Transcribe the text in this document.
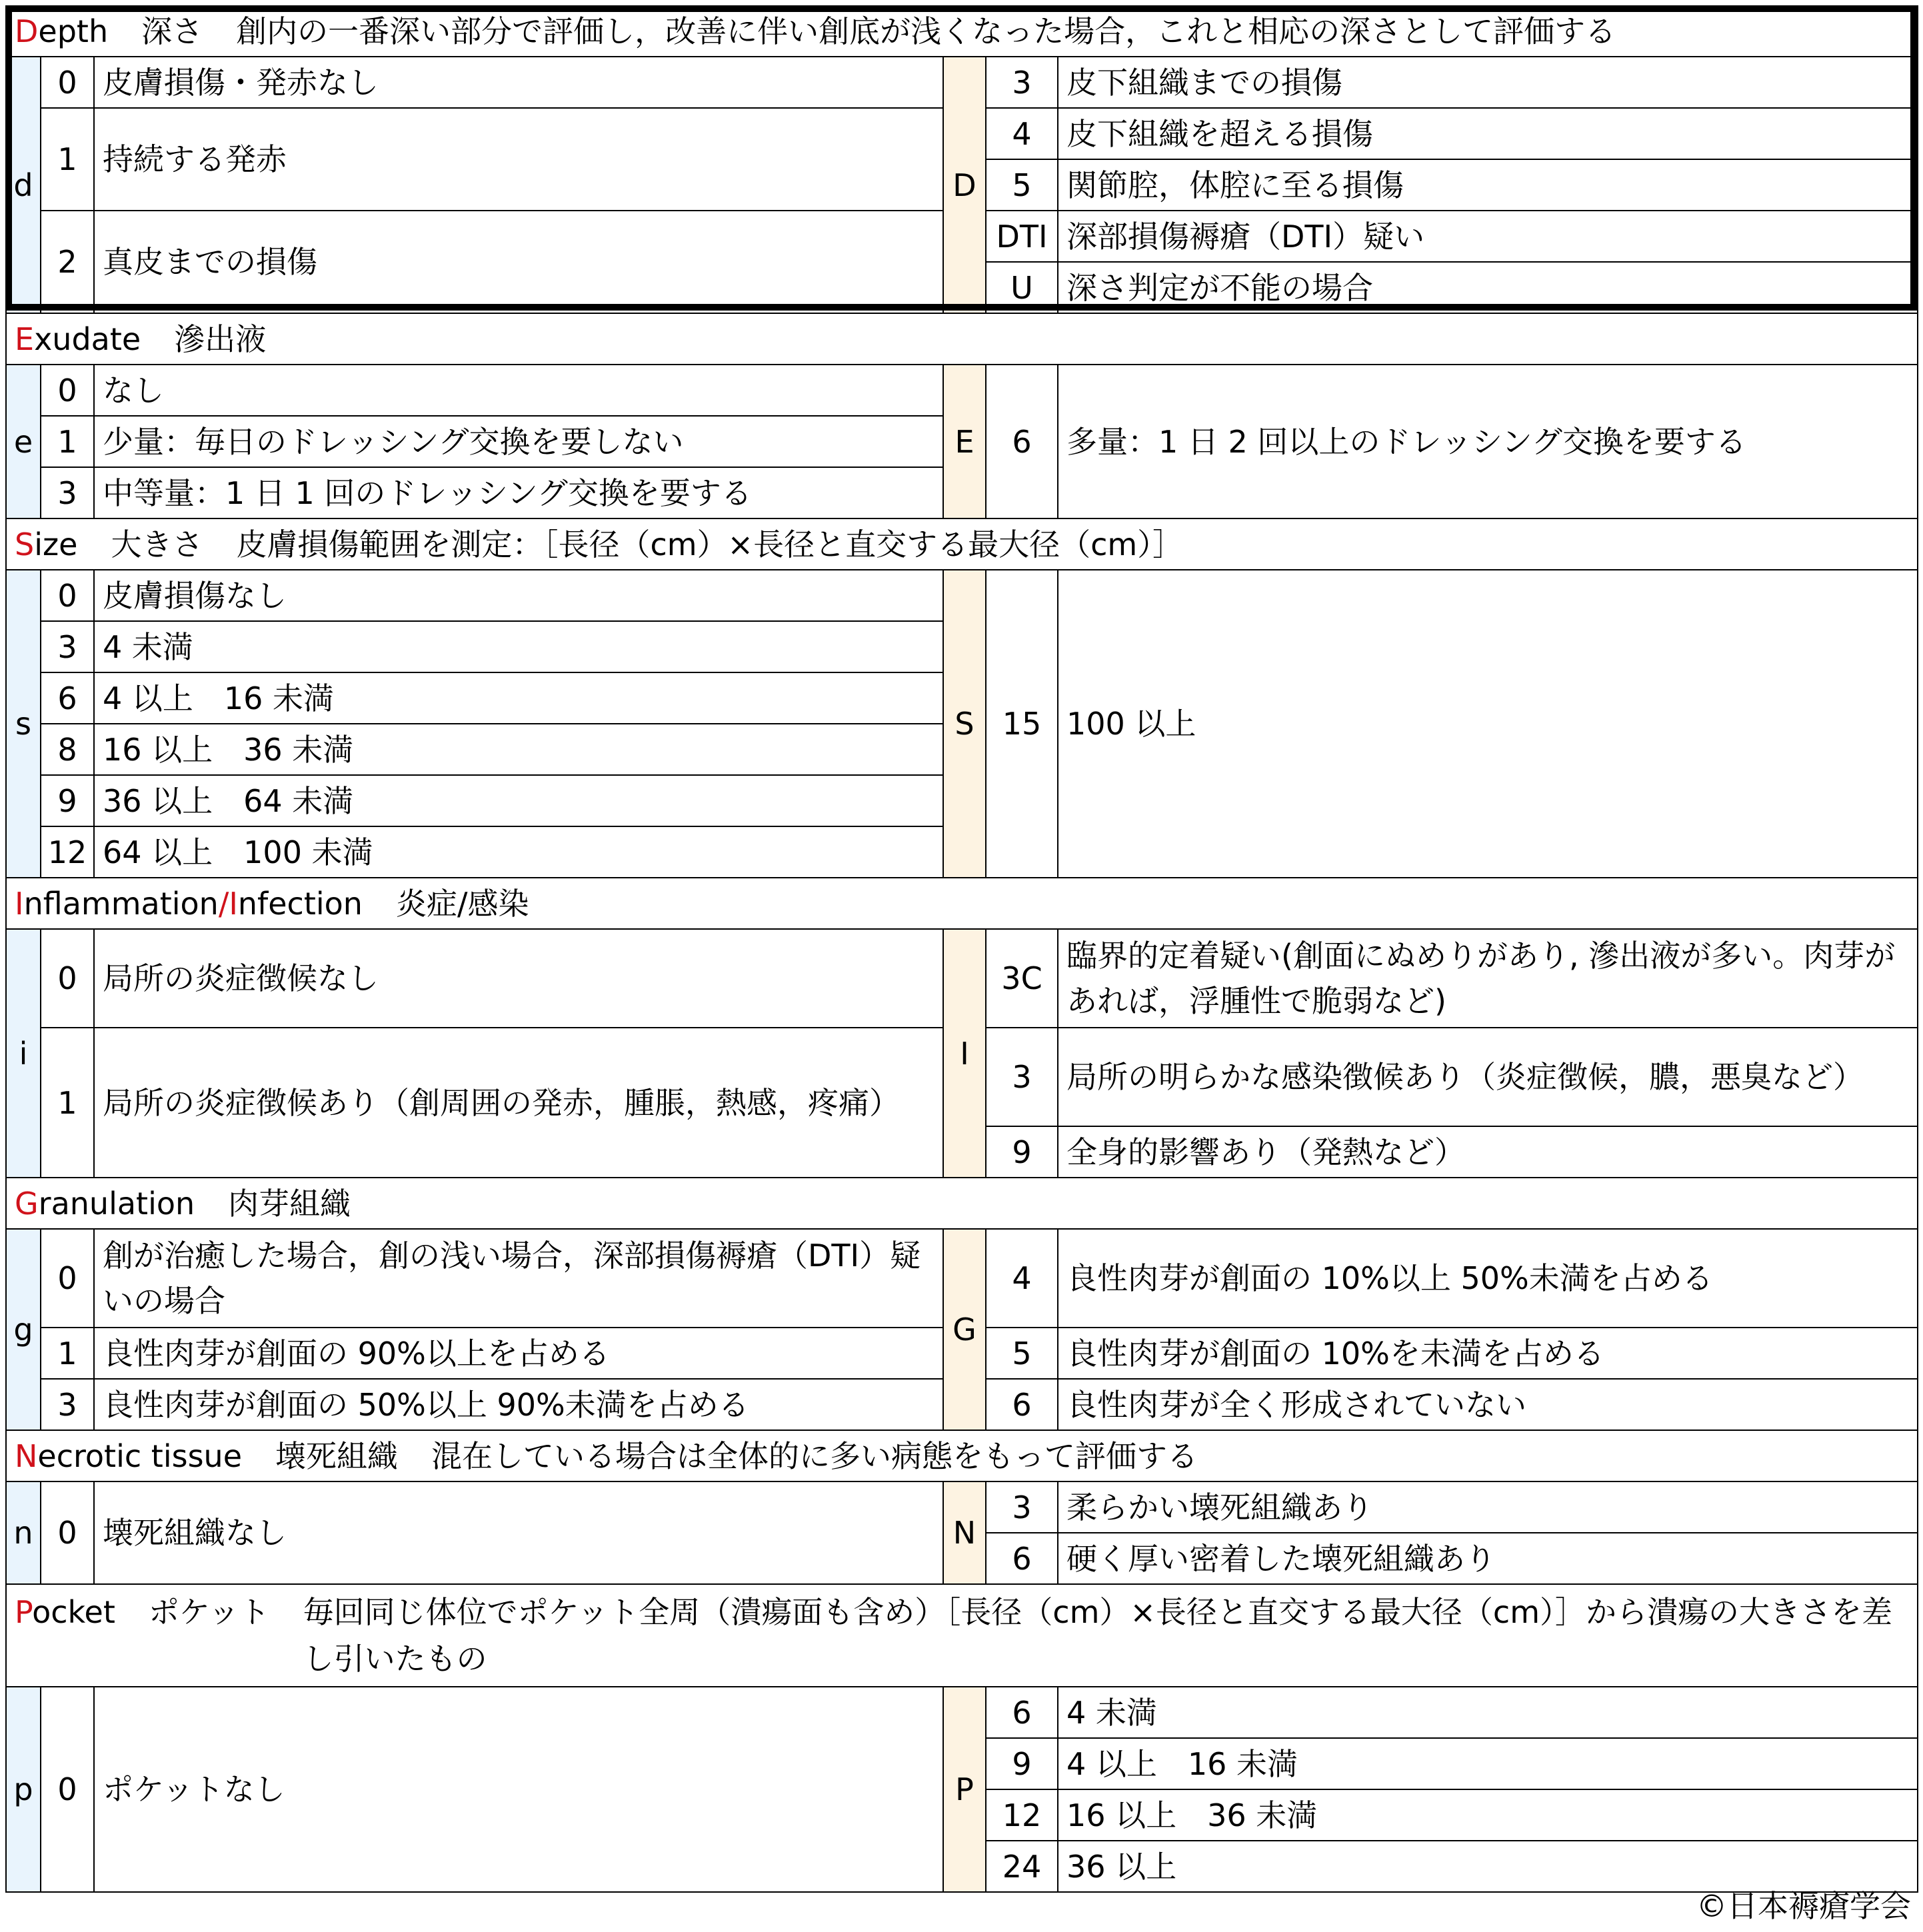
Depth 深さ 創内の一番深い部分で評価し，改善に伴い創底が浅くなった場合，これと相応の深さとして評価する					
d	0	皮膚損傷・発赤なし	D	3	皮下組織までの損傷
	1	持続する発赤		4	皮下組織を超える損傷
				5	関節腔，体腔に至る損傷
	2	真皮までの損傷		DTI	深部損傷褥瘡（DTI）疑い
				U	深さ判定が不能の場合
Exudate 滲出液					
e	0	なし	E	6	多量：1 日 2 回以上のドレッシング交換を要する
	1	少量：毎日のドレッシング交換を要しない			
	3	中等量：1 日 1 回のドレッシング交換を要する			
Size 大きさ 皮膚損傷範囲を測定：［長径（cm）×長径と直交する最大径（cm）］					
s	0	皮膚損傷なし	S	15	100 以上
	3	4 未満			
	6	4 以上　16 未満			
	8	16 以上　36 未満			
	9	36 以上　64 未満			
	12	64 以上　100 未満			
Inflammation/Infection 炎症/感染					
i	0	局所の炎症徴候なし	I	3C	臨界的定着疑い(創面にぬめりがあり, 滲出液が多い。肉芽があれば，浮腫性で脆弱など)
	1	局所の炎症徴候あり（創周囲の発赤，腫脹，熱感，疼痛）		3	局所の明らかな感染徴候あり（炎症徴候，膿，悪臭など）
				9	全身的影響あり（発熱など）
Granulation 肉芽組織					
g	0	創が治癒した場合，創の浅い場合，深部損傷褥瘡（DTI）疑いの場合	G	4	良性肉芽が創面の 10%以上 50%未満を占める
	1	良性肉芽が創面の 90%以上を占める		5	良性肉芽が創面の 10%を未満を占める
	3	良性肉芽が創面の 50%以上 90%未満を占める		6	良性肉芽が全く形成されていない
Necrotic tissue 壊死組織 混在している場合は全体的に多い病態をもって評価する					
n	0	壊死組織なし	N	3	柔らかい壊死組織あり
				6	硬く厚い密着した壊死組織あり

Pocket ポケット 毎回同じ体位でポケット全周（潰瘍面も含め）［長径（cm）×長径と直交する最大径（cm）］から潰瘍の大きさを差し引いたもの					

p	0	ポケットなし	P	6	4 未満
				9	4 以上　16 未満
				12	16 以上　36 未満
				24	36 以上
©日本褥瘡学会
